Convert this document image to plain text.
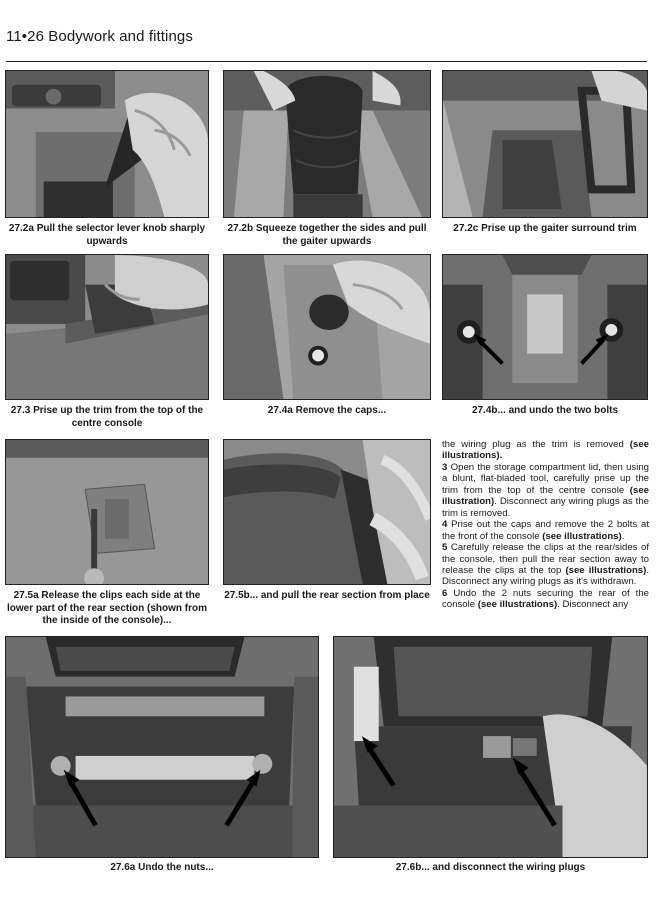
11•26 Bodywork and fittings
27.2a Pull the selector lever knob sharply upwards
27.2b Squeeze together the sides and pull the gaiter upwards
27.2c Prise up the gaiter surround trim
27.3 Prise up the trim from the top of the centre console
27.4a Remove the caps...	27.4b... and undo the two bolts
27.5a Release the clips each side at the lower part of the rear section (shown from the inside of the console)...
27.5b... and pull the rear section from place

the wiring plug as the trim is removed (see illustrations).

3 Open the storage compartment lid, then using a blunt, flat-bladed tool, carefully prise up the trim from the top of the centre console (see illustration). Disconnect any wiring plugs as the trim is removed.

4 Prise out the caps and remove the 2 bolts at the front of the console (see illustrations).

5 Carefully release the clips at the rear/sides of the console, then pull the rear section away to release the clips at the top (see illustrations). Disconnect any wiring plugs as it's withdrawn.

6 Undo the 2 nuts securing the rear of the console (see illustrations). Disconnect any

27.6a Undo the nuts...	27.6b... and disconnect the wiring plugs
